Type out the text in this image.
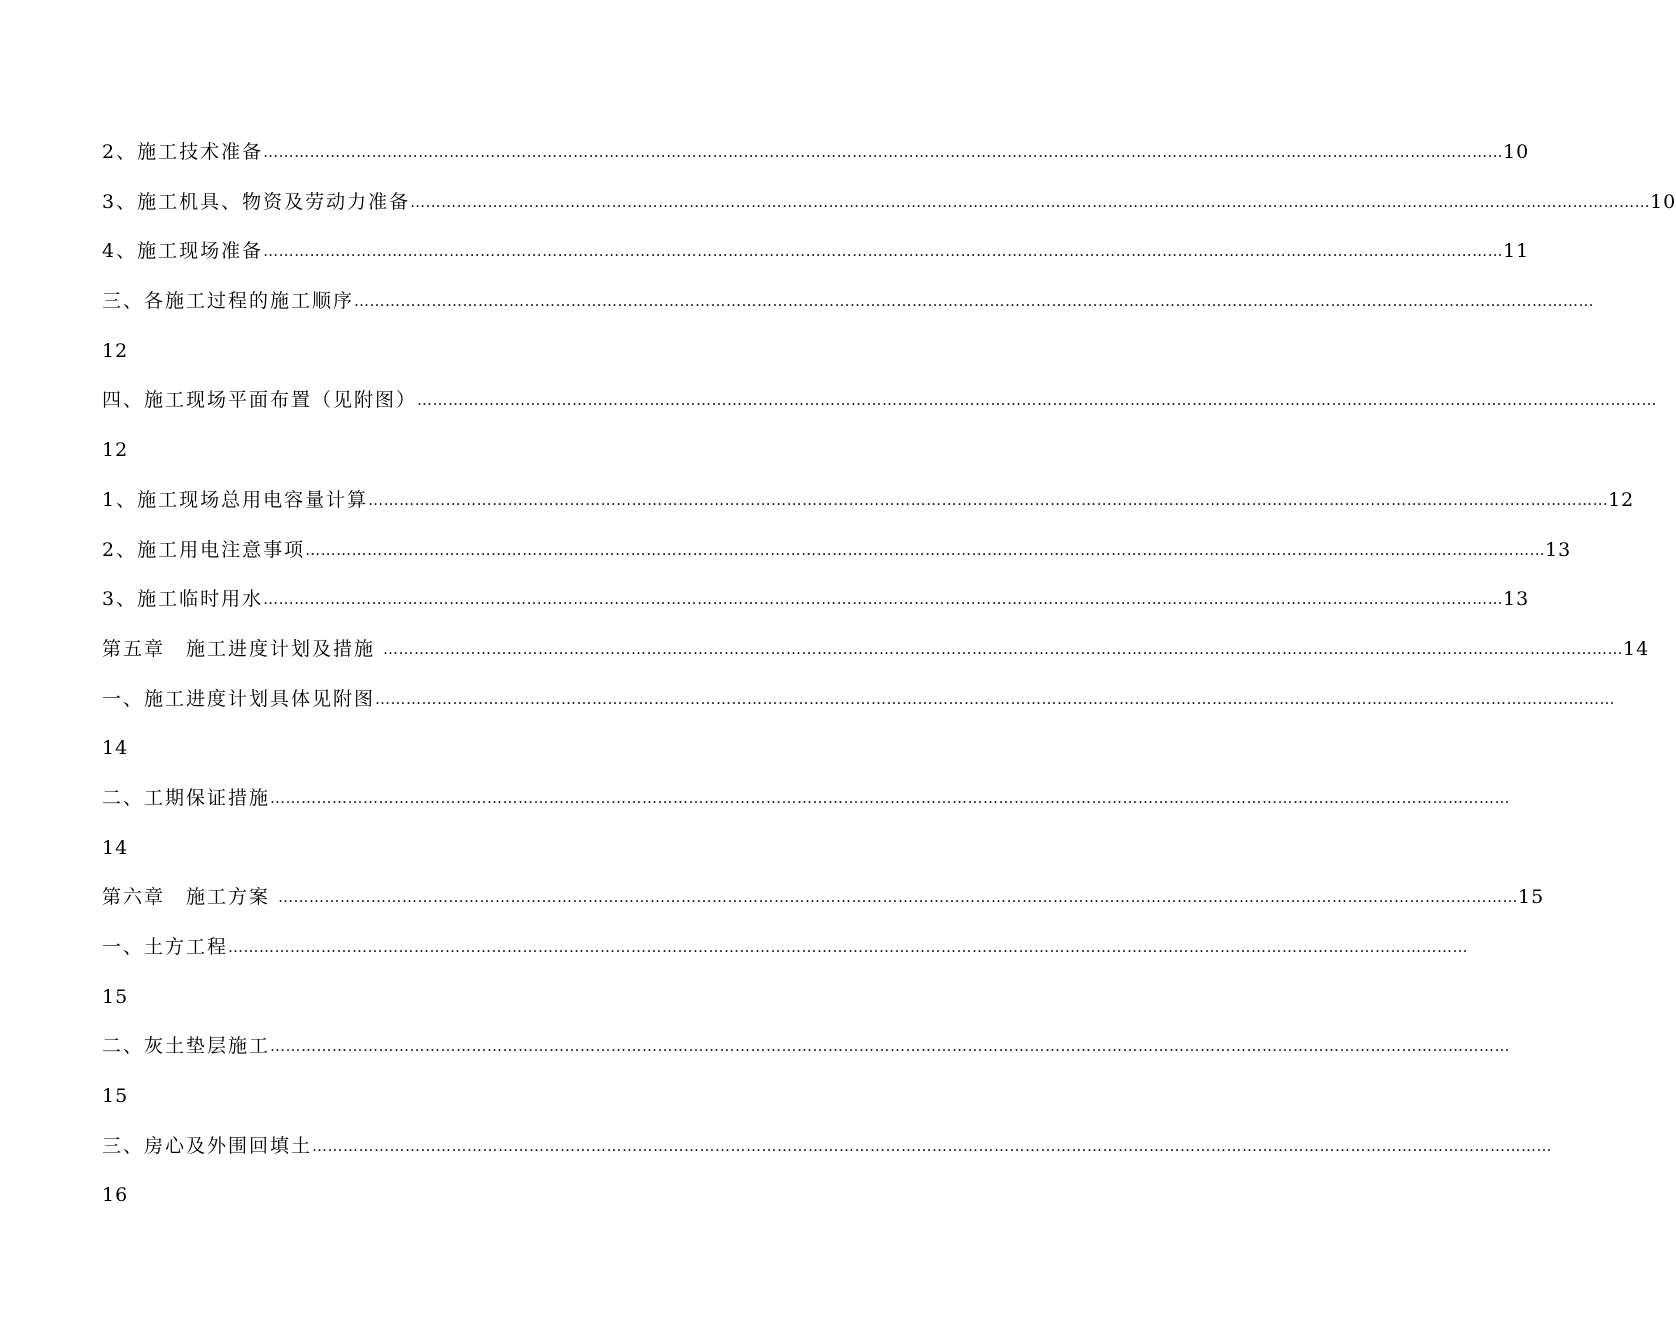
2、施工技术准备 …………………………………………………………………………………………………………………………………………………………………………………………………………………… 10
3、施工机具、物资及劳动力准备 …………………………………………………………………………………………………………………………………………………………………………………………………………………… 10
4、施工现场准备 …………………………………………………………………………………………………………………………………………………………………………………………………………………… 11
三、各施工过程的施工顺序 ……………………………………………………………………………………………………………………………………………………………………………………………………………………
12
四、施工现场平面布置（见附图） ……………………………………………………………………………………………………………………………………………………………………………………………………………………
12
1、施工现场总用电容量计算 …………………………………………………………………………………………………………………………………………………………………………………………………………………… 12
2、施工用电注意事项 …………………………………………………………………………………………………………………………………………………………………………………………………………………… 13
3、施工临时用水 …………………………………………………………………………………………………………………………………………………………………………………………………………………… 13
第五章　施工进度计划及措施 …………………………………………………………………………………………………………………………………………………………………………………………………………………… 14
一、施工进度计划具体见附图 ……………………………………………………………………………………………………………………………………………………………………………………………………………………
14
二、工期保证措施 ……………………………………………………………………………………………………………………………………………………………………………………………………………………
14
第六章　施工方案 …………………………………………………………………………………………………………………………………………………………………………………………………………………… 15
一、土方工程 ……………………………………………………………………………………………………………………………………………………………………………………………………………………
15
二、灰土垫层施工 ……………………………………………………………………………………………………………………………………………………………………………………………………………………
15
三、房心及外围回填土 ……………………………………………………………………………………………………………………………………………………………………………………………………………………
16
